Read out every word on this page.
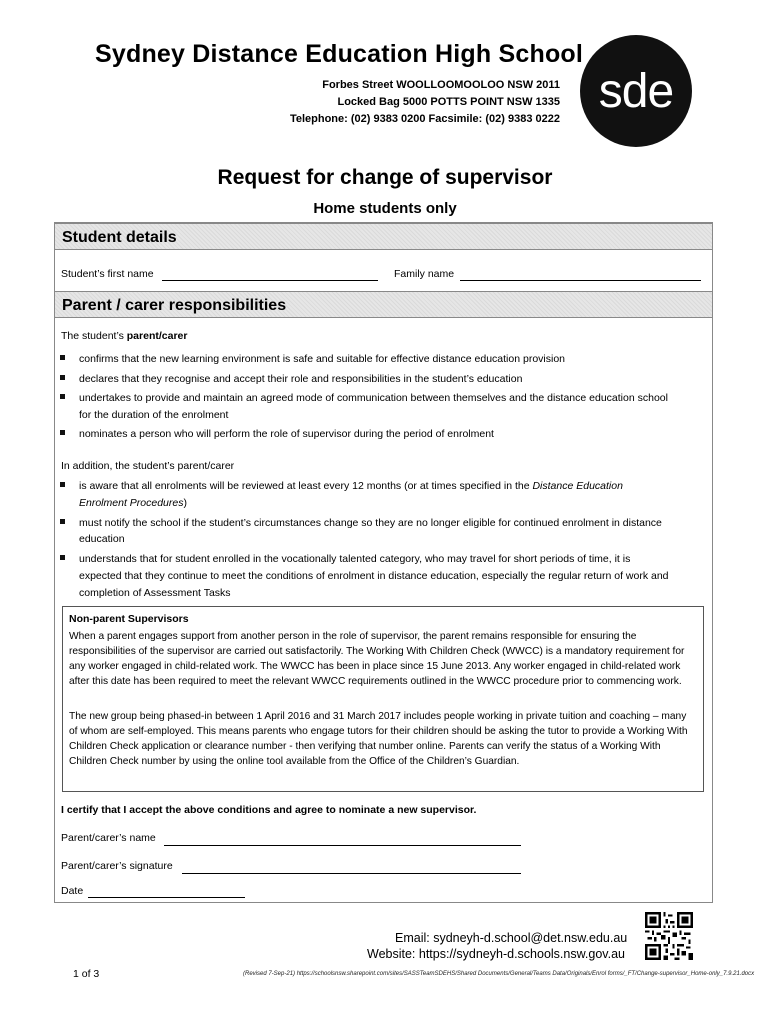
Sydney Distance Education High School
Forbes Street WOOLLOOMOOLOO NSW 2011
Locked Bag 5000 POTTS POINT NSW 1335
Telephone: (02) 9383 0200 Facsimile: (02) 9383 0222
sde
Request for change of supervisor
Home students only
Student details
Student’s first name	Family name
Parent / carer responsibilities
The student’s parent/carer
confirms that the new learning environment is safe and suitable for effective distance education provision
declares that they recognise and accept their role and responsibilities in the student’s education
undertakes to provide and maintain an agreed mode of communication between themselves and the distance education school
for the duration of the enrolment
nominates a person who will perform the role of supervisor during the period of enrolment
In addition, the student’s parent/carer
is aware that all enrolments will be reviewed at least every 12 months (or at times specified in the Distance Education
Enrolment Procedures)
must notify the school if the student’s circumstances change so they are no longer eligible for continued enrolment in distance
education
understands that for student enrolled in the vocationally talented category, who may travel for short periods of time, it is
expected that they continue to meet the conditions of enrolment in distance education, especially the regular return of work and
completion of Assessment Tasks
Non-parent Supervisors
When a parent engages support from another person in the role of supervisor, the parent remains responsible for ensuring the responsibilities of the supervisor are carried out satisfactorily. The Working With Children Check (WWCC) is a mandatory requirement for any worker engaged in child-related work. The WWCC has been in place since 15 June 2013. Any worker engaged in child-related work after this date has been required to meet the relevant WWCC requirements outlined in the WWCC procedure prior to commencing work.
The new group being phased-in between 1 April 2016 and 31 March 2017 includes people working in private tuition and coaching – many of whom are self-employed. This means parents who engage tutors for their children should be asking the tutor to provide a Working With Children Check application or clearance number - then verifying that number online. Parents can verify the status of a Working With Children Check number by using the online tool available from the Office of the Children’s Guardian.
I certify that I accept the above conditions and agree to nominate a new supervisor.
Parent/carer’s name
Parent/carer’s signature
Date
Email: sydneyh-d.school@det.nsw.edu.au
Website: https://sydneyh-d.schools.nsw.gov.au
1 of 3	(Revised 7-Sep-21) https://schoolsnsw.sharepoint.com/sites/SASSTeamSDEHS/Shared Documents/General/Teams Data/Originals/Enrol forms/_FT/Change-supervisor_Home-only_7.9.21.docx
